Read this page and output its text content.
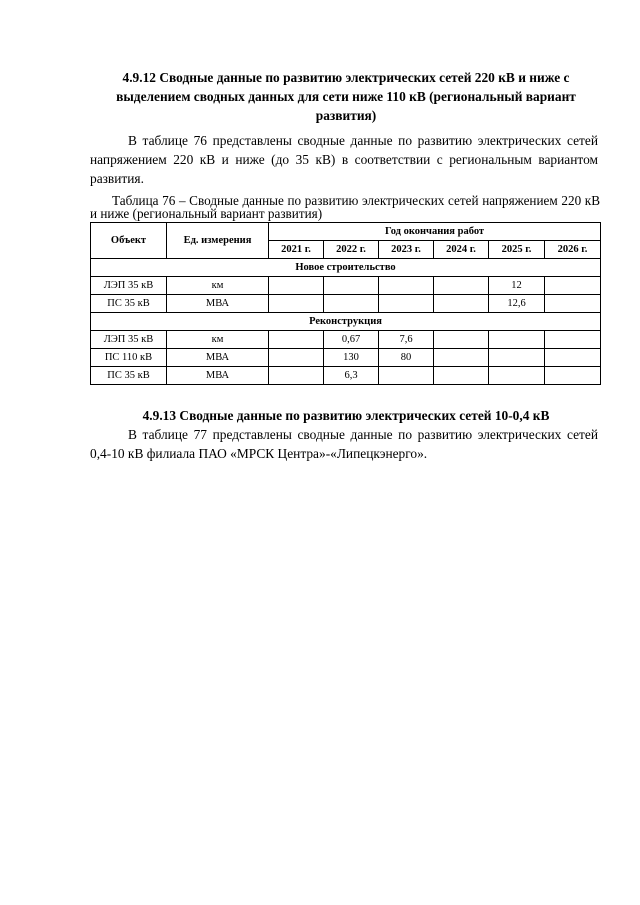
4.9.12 Сводные данные по развитию электрических сетей 220 кВ и ниже с
выделением сводных данных для сети ниже 110 кВ (региональный вариант
развития)
В таблице 76 представлены сводные данные по развитию электрических сетей напряжением 220 кВ и ниже (до 35 кВ) в соответствии с региональным вариантом развития.
Таблица 76 – Сводные данные по развитию электрических сетей напряжением 220 кВ и ниже (региональный вариант развития)
Объект	Ед. измерения	Год окончания работ					
		2021 г.	2022 г.	2023 г.	2024 г.	2025 г.	2026 г.
Новое строительство							
ЛЭП 35 кВ	км					12	
ПС 35 кВ	МВА					12,6	
Реконструкция							
ЛЭП 35 кВ	км		0,67	7,6			
ПС 110 кВ	МВА		130	80			
ПС 35 кВ	МВА		6,3				
4.9.13 Сводные данные по развитию электрических сетей 10-0,4 кВ
В таблице 77 представлены сводные данные по развитию электрических сетей 0,4-10 кВ филиала ПАО «МРСК Центра»-«Липецкэнерго».
